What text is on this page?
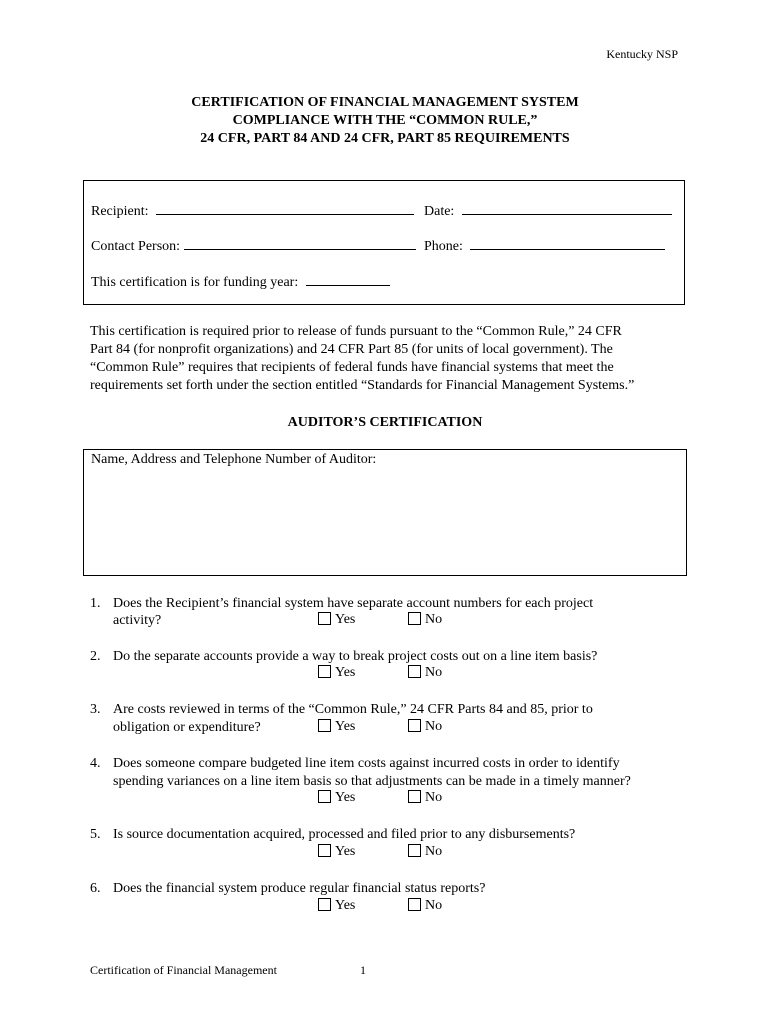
Kentucky NSP
CERTIFICATION OF FINANCIAL MANAGEMENT SYSTEM
COMPLIANCE WITH THE “COMMON RULE,”
24 CFR, PART 84 AND 24 CFR, PART 85 REQUIREMENTS
Recipient:	Date:
Contact Person:	Phone:
This certification is for funding year:
This certification is required prior to release of funds pursuant to the “Common Rule,” 24 CFR
Part 84 (for nonprofit organizations) and 24 CFR Part 85 (for units of local government). The
“Common Rule” requires that recipients of federal funds have financial systems that meet the
requirements set forth under the section entitled “Standards for Financial Management Systems.”
AUDITOR’S CERTIFICATION
Name, Address and Telephone Number of Auditor:
1. Does the Recipient’s financial system have separate account numbers for each project
activity?	Yes	No
2. Do the separate accounts provide a way to break project costs out on a line item basis?
Yes	No
3. Are costs reviewed in terms of the “Common Rule,” 24 CFR Parts 84 and 85, prior to
obligation or expenditure?	Yes	No
4. Does someone compare budgeted line item costs against incurred costs in order to identify
spending variances on a line item basis so that adjustments can be made in a timely manner?
Yes	No
5. Is source documentation acquired, processed and filed prior to any disbursements?
Yes	No
6. Does the financial system produce regular financial status reports?
Yes	No
Certification of Financial Management	1
